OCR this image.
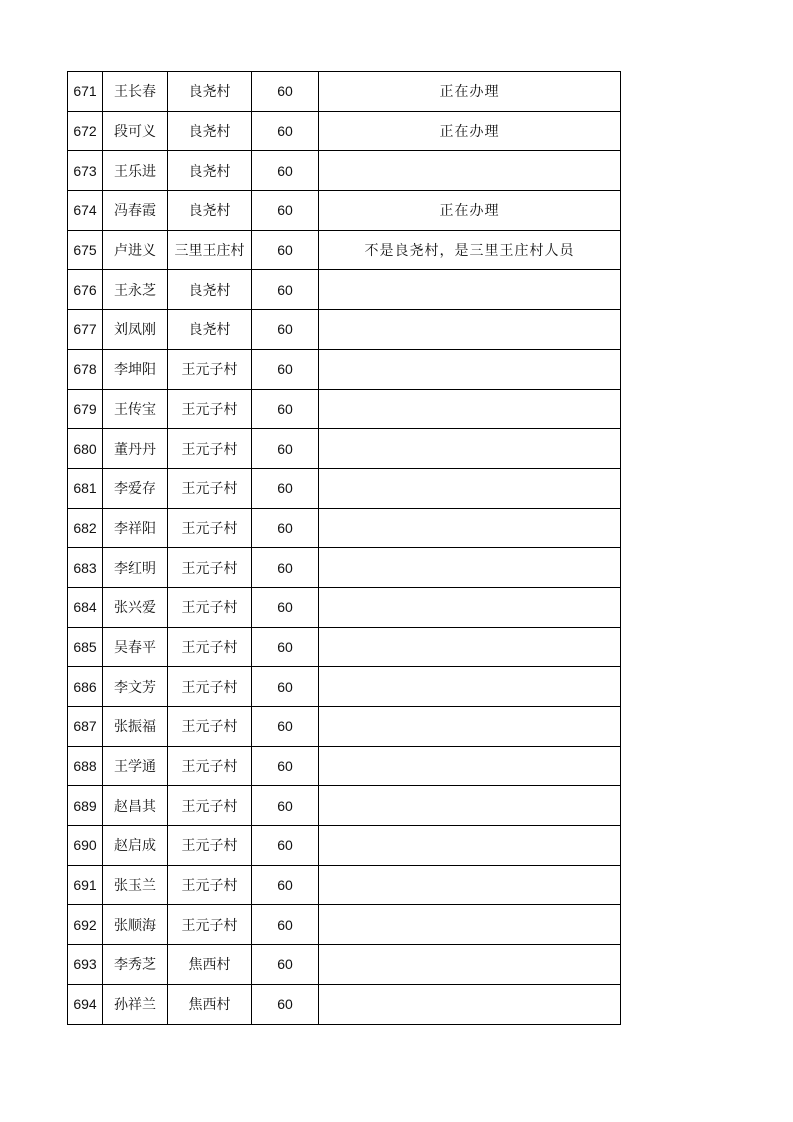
671	王长春	良尧村	60	正在办理
672	段可义	良尧村	60	正在办理
673	王乐进	良尧村	60	
674	冯春霞	良尧村	60	正在办理
675	卢进义	三里王庄村	60	不是良尧村，是三里王庄村人员
676	王永芝	良尧村	60	
677	刘凤刚	良尧村	60	
678	李坤阳	王元子村	60	
679	王传宝	王元子村	60	
680	董丹丹	王元子村	60	
681	李爱存	王元子村	60	
682	李祥阳	王元子村	60	
683	李红明	王元子村	60	
684	张兴爱	王元子村	60	
685	吴春平	王元子村	60	
686	李文芳	王元子村	60	
687	张振福	王元子村	60	
688	王学通	王元子村	60	
689	赵昌其	王元子村	60	
690	赵启成	王元子村	60	
691	张玉兰	王元子村	60	
692	张顺海	王元子村	60	
693	李秀芝	焦西村	60	
694	孙祥兰	焦西村	60	
